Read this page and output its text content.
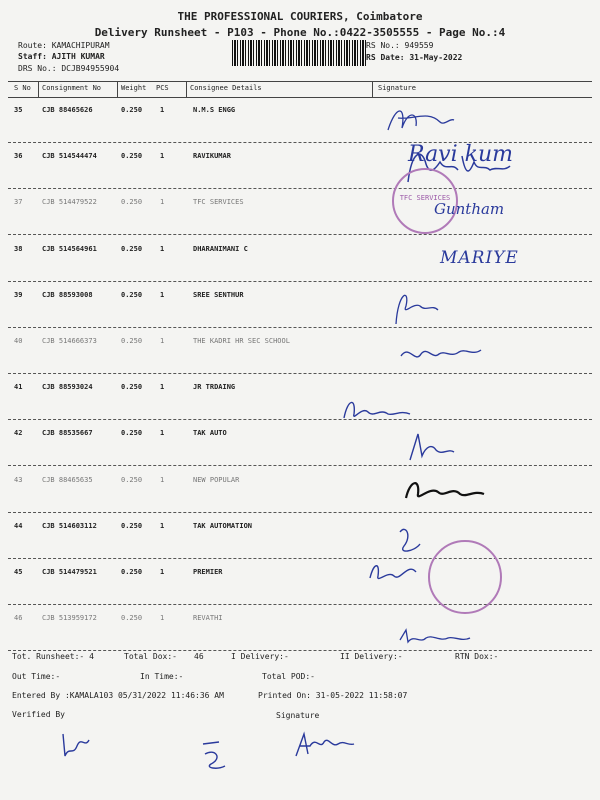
THE PROFESSIONAL COURIERS, Coimbatore
Delivery Runsheet - P103 - Phone No.:0422-3505555 - Page No.:4
Route: KAMACHIPURAM
Staff: AJITH KUMAR
DRS No.: DCJB94955904
RS No.: 949559
RS Date: 31-May-2022
S No Consignment No	Weight PCS	Consignee Details	Signature
35	CJB 88465626	0.250	1	N.M.S ENGG
36	CJB 514544474	0.250	1	RAVIKUMAR
37	CJB 514479522	0.250	1	TFC SERVICES
38	CJB 514564961	0.250	1	DHARANIMANI C
39	CJB 88593008	0.250	1	SREE SENTHUR
40	CJB 514666373	0.250	1	THE KADRI HR SEC SCHOOL
41	CJB 88593024	0.250	1	JR TRDAING
42	CJB 88535667	0.250	1	TAK AUTO
43	CJB 88465635	0.250	1	NEW POPULAR
44	CJB 514603112	0.250	1	TAK AUTOMATION
45	CJB 514479521	0.250	1	PREMIER
46	CJB 513959172	0.250	1	REVATHI
Ravi kum
TFC SERVICES
Guntham
MARIYE
Tot. Runsheet:- 4	Total Dox:- 46	I Delivery:-	II Delivery:-	RTN Dox:-
Out Time:-	In Time:-	Total POD:-
Entered By :KAMALA103 05/31/2022 11:46:36 AM	Printed On: 31-05-2022 11:58:07
Verified By	Signature
